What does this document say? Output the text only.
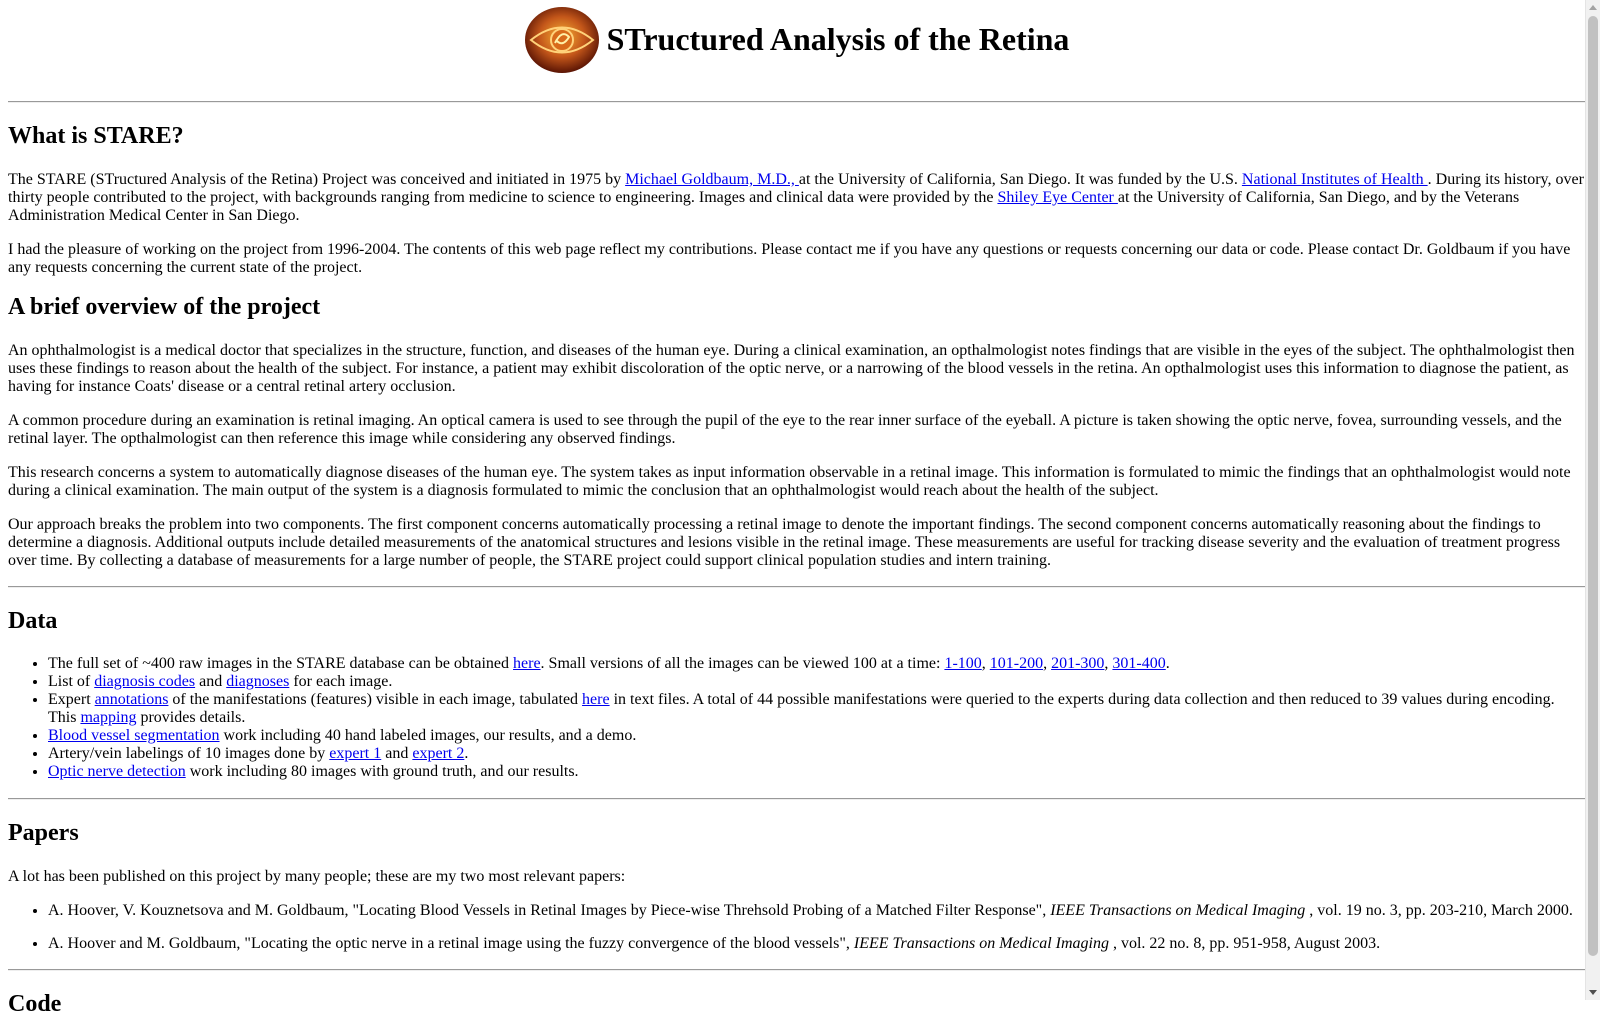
STructured Analysis of the Retina
What is STARE?

The STARE (STructured Analysis of the Retina) Project was conceived and initiated in 1975 by Michael Goldbaum, M.D., at the University of California, San Diego. It was funded by the U.S. National Institutes of Health . During its history, over thirty people contributed to the project, with backgrounds ranging from medicine to science to engineering. Images and clinical data were provided by the Shiley Eye Center at the University of California, San Diego, and by the Veterans Administration Medical Center in San Diego.

I had the pleasure of working on the project from 1996-2004. The contents of this web page reflect my contributions. Please contact me if you have any questions or requests concerning our data or code. Please contact Dr. Goldbaum if you have any requests concerning the current state of the project.

A brief overview of the project

An ophthalmologist is a medical doctor that specializes in the structure, function, and diseases of the human eye. During a clinical examination, an opthalmologist notes findings that are visible in the eyes of the subject. The ophthalmologist then uses these findings to reason about the health of the subject. For instance, a patient may exhibit discoloration of the optic nerve, or a narrowing of the blood vessels in the retina. An opthalmologist uses this information to diagnose the patient, as having for instance Coats' disease or a central retinal artery occlusion.

A common procedure during an examination is retinal imaging. An optical camera is used to see through the pupil of the eye to the rear inner surface of the eyeball. A picture is taken showing the optic nerve, fovea, surrounding vessels, and the retinal layer. The opthalmologist can then reference this image while considering any observed findings.

This research concerns a system to automatically diagnose diseases of the human eye. The system takes as input information observable in a retinal image. This information is formulated to mimic the findings that an ophthalmologist would note during a clinical examination. The main output of the system is a diagnosis formulated to mimic the conclusion that an ophthalmologist would reach about the health of the subject.

Our approach breaks the problem into two components. The first component concerns automatically processing a retinal image to denote the important findings. The second component concerns automatically reasoning about the findings to determine a diagnosis. Additional outputs include detailed measurements of the anatomical structures and lesions visible in the retinal image. These measurements are useful for tracking disease severity and the evaluation of treatment progress over time. By collecting a database of measurements for a large number of people, the STARE project could support clinical population studies and intern training.

Data
• The full set of ~400 raw images in the STARE database can be obtained here. Small versions of all the images can be viewed 100 at a time: 1-100, 101-200, 201-300, 301-400.
• List of diagnosis codes and diagnoses for each image.
• Expert annotations of the manifestations (features) visible in each image, tabulated here in text files. A total of 44 possible manifestations were queried to the experts during data collection and then reduced to 39 values during encoding. This mapping provides details.
• Blood vessel segmentation work including 40 hand labeled images, our results, and a demo.
• Artery/vein labelings of 10 images done by expert 1 and expert 2.
• Optic nerve detection work including 80 images with ground truth, and our results.
Papers

A lot has been published on this project by many people; these are my two most relevant papers:

• A. Hoover, V. Kouznetsova and M. Goldbaum, "Locating Blood Vessels in Retinal Images by Piece-wise Threhsold Probing of a Matched Filter Response", IEEE Transactions on Medical Imaging , vol. 19 no. 3, pp. 203-210, March 2000.
• A. Hoover and M. Goldbaum, "Locating the optic nerve in a retinal image using the fuzzy convergence of the blood vessels", IEEE Transactions on Medical Imaging , vol. 22 no. 8, pp. 951-958, August 2003.
Code
